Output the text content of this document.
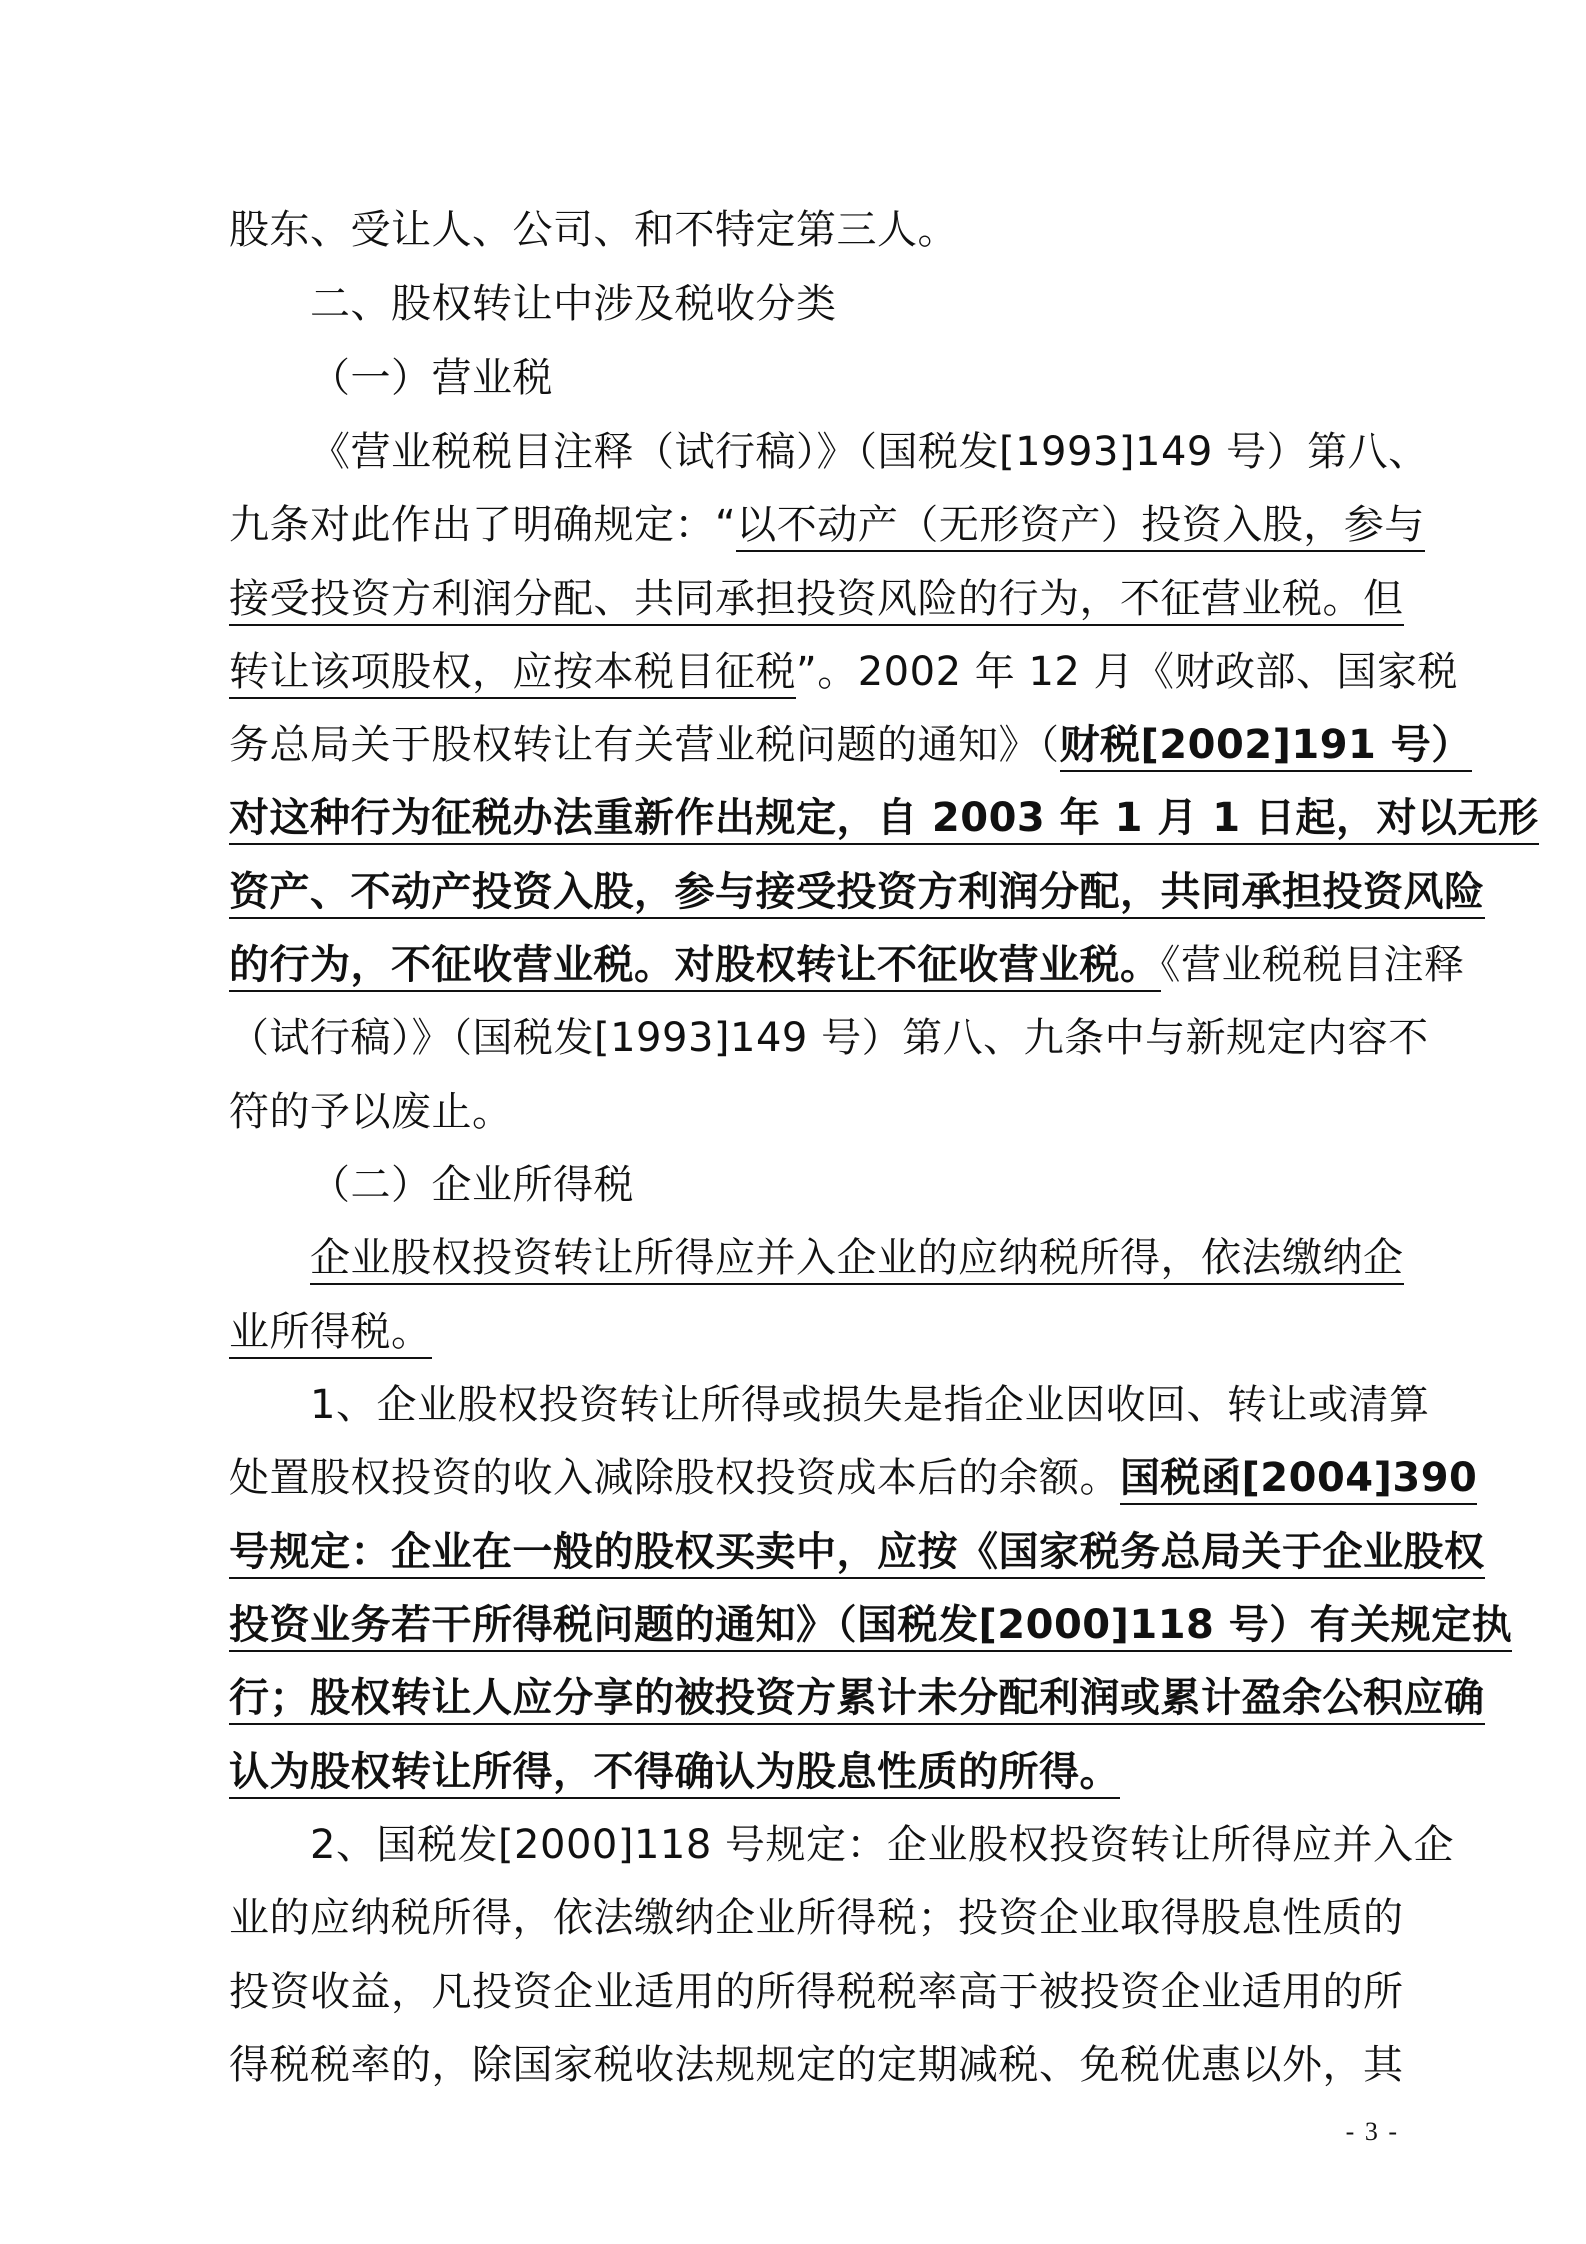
股东、受让人、公司、和不特定第三人。
二、股权转让中涉及税收分类
（一）营业税
《营业税税目注释（试行稿）》（国税发[1993]149 号）第八、
九条对此作出了明确规定：“以不动产（无形资产）投资入股，参与
接受投资方利润分配、共同承担投资风险的行为，不征营业税。但
转让该项股权，应按本税目征税”。2002 年 12 月《财政部、国家税
务总局关于股权转让有关营业税问题的通知》（财税[2002]191 号）
对这种行为征税办法重新作出规定，自 2003 年 1 月 1 日起，对以无形
资产、不动产投资入股，参与接受投资方利润分配，共同承担投资风险
的行为，不征收营业税。对股权转让不征收营业税。《营业税税目注释
（试行稿）》（国税发[1993]149 号）第八、九条中与新规定内容不
符的予以废止。
（二）企业所得税
企业股权投资转让所得应并入企业的应纳税所得，依法缴纳企
业所得税。
1、企业股权投资转让所得或损失是指企业因收回、转让或清算
处置股权投资的收入减除股权投资成本后的余额。国税函[2004]390
号规定：企业在一般的股权买卖中，应按《国家税务总局关于企业股权
投资业务若干所得税问题的通知》（国税发[2000]118 号）有关规定执
行；股权转让人应分享的被投资方累计未分配利润或累计盈余公积应确
认为股权转让所得，不得确认为股息性质的所得。
2、国税发[2000]118 号规定：企业股权投资转让所得应并入企
业的应纳税所得，依法缴纳企业所得税；投资企业取得股息性质的
投资收益，凡投资企业适用的所得税税率高于被投资企业适用的所
得税税率的，除国家税收法规规定的定期减税、免税优惠以外，其
- 3 -
